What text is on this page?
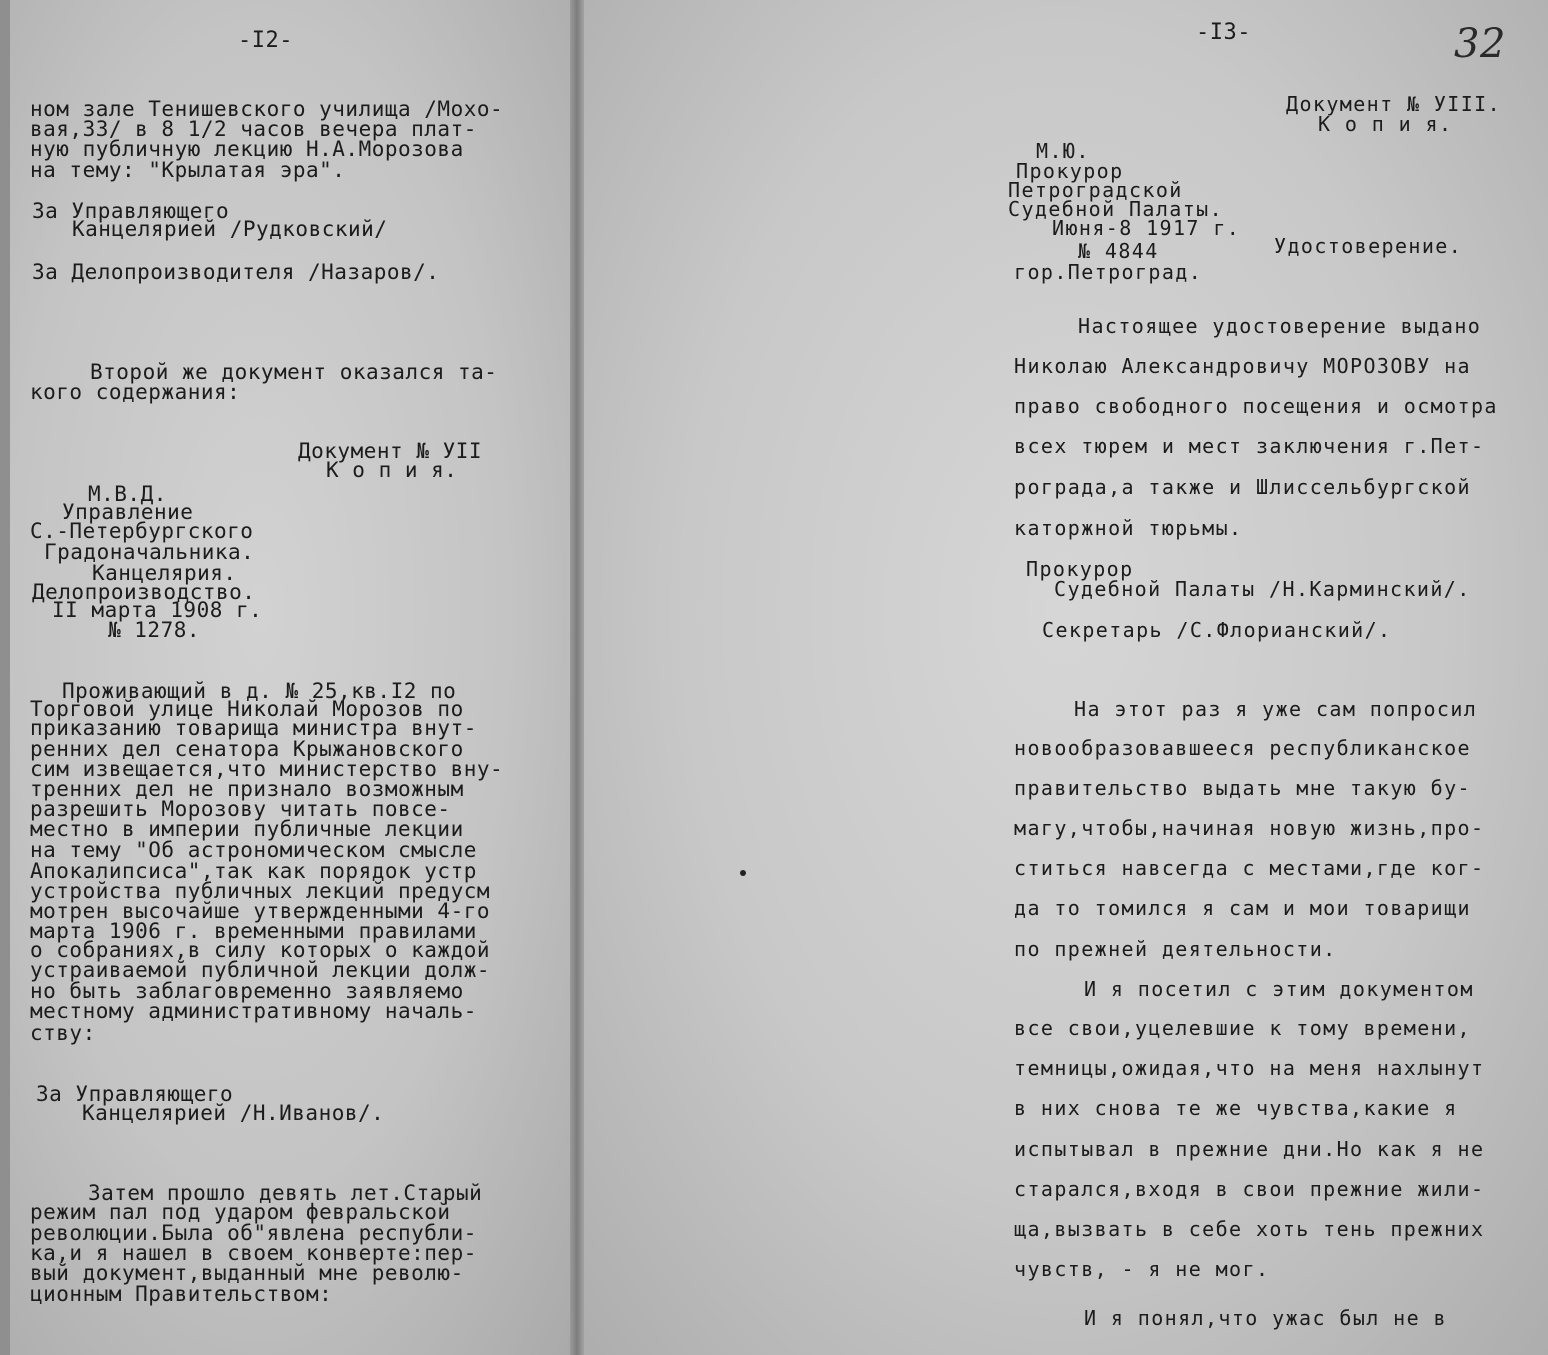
-I2-
ном зале Тенишевского училища /Мохо-
вая,33/ в 8 1/2 часов вечера плат-
ную публичную лекцию Н.А.Морозова
на тему: "Крылатая эра".
За Управляющего
Канцелярией /Рудковский/
За Делопроизводителя /Назаров/.
Второй же документ оказался та-
кого содержания:
Документ № УII
К о п и я.
М.В.Д.
Управление
С.-Петербургского
Градоначальника.
Канцелярия.
Делопроизводство.
II марта 1908 г.
№ 1278.
Проживающий в д. № 25,кв.I2 по
Торговой улице Николай Морозов по
приказанию товарища министра внут-
ренних дел сенатора Крыжановского
сим извещается,что министерство вну-
тренних дел не признало возможным
разрешить Морозову читать повсе-
местно в империи публичные лекции
на тему "Об астрономическом смысле
Апокалипсиса",так как порядок устр
устройства публичных лекций предусм
мотрен высочайше утвержденными 4-го
марта 1906 г. временными правилами
о собраниях,в силу которых о каждой
устраиваемой публичной лекции долж-
но быть заблаговременно заявляемо
местному административному началь-
ству:
За Управляющего
Канцелярией /Н.Иванов/.
Затем прошло девять лет.Старый
режим пал под ударом февральской
революции.Была об"явлена республи-
ка,и я нашел в своем конверте:пер-
вый документ,выданный мне револю-
ционным Правительством:
-I3-	32
Документ № УIII.
К о п и я.
М.Ю.
Прокурор
Петроградской
Судебной Палаты.
Июня-8 1917 г.
№ 4844
гор.Петроград.
Удостоверение.
Настоящее удостоверение выдано
Николаю Александровичу МОРОЗОВУ на
право свободного посещения и осмотра
всех тюрем и мест заключения г.Пет-
рограда,а также и Шлиссельбургской
каторжной тюрьмы.
Прокурор
Судебной Палаты /Н.Карминский/.
Секретарь /С.Флорианский/.
На этот раз я уже сам попросил
новообразовавшееся республиканское
правительство выдать мне такую бу-
магу,чтобы,начиная новую жизнь,про-
ститься навсегда с местами,где ког-
да то томился я сам и мои товарищи
по прежней деятельности.
И я посетил с этим документом
все свои,уцелевшие к тому времени,
темницы,ожидая,что на меня нахлынут
в них снова те же чувства,какие я
испытывал в прежние дни.Но как я не
старался,входя в свои прежние жили-
ща,вызвать в себе хоть тень прежних
чувств, - я не мог.
И я понял,что ужас был не в
